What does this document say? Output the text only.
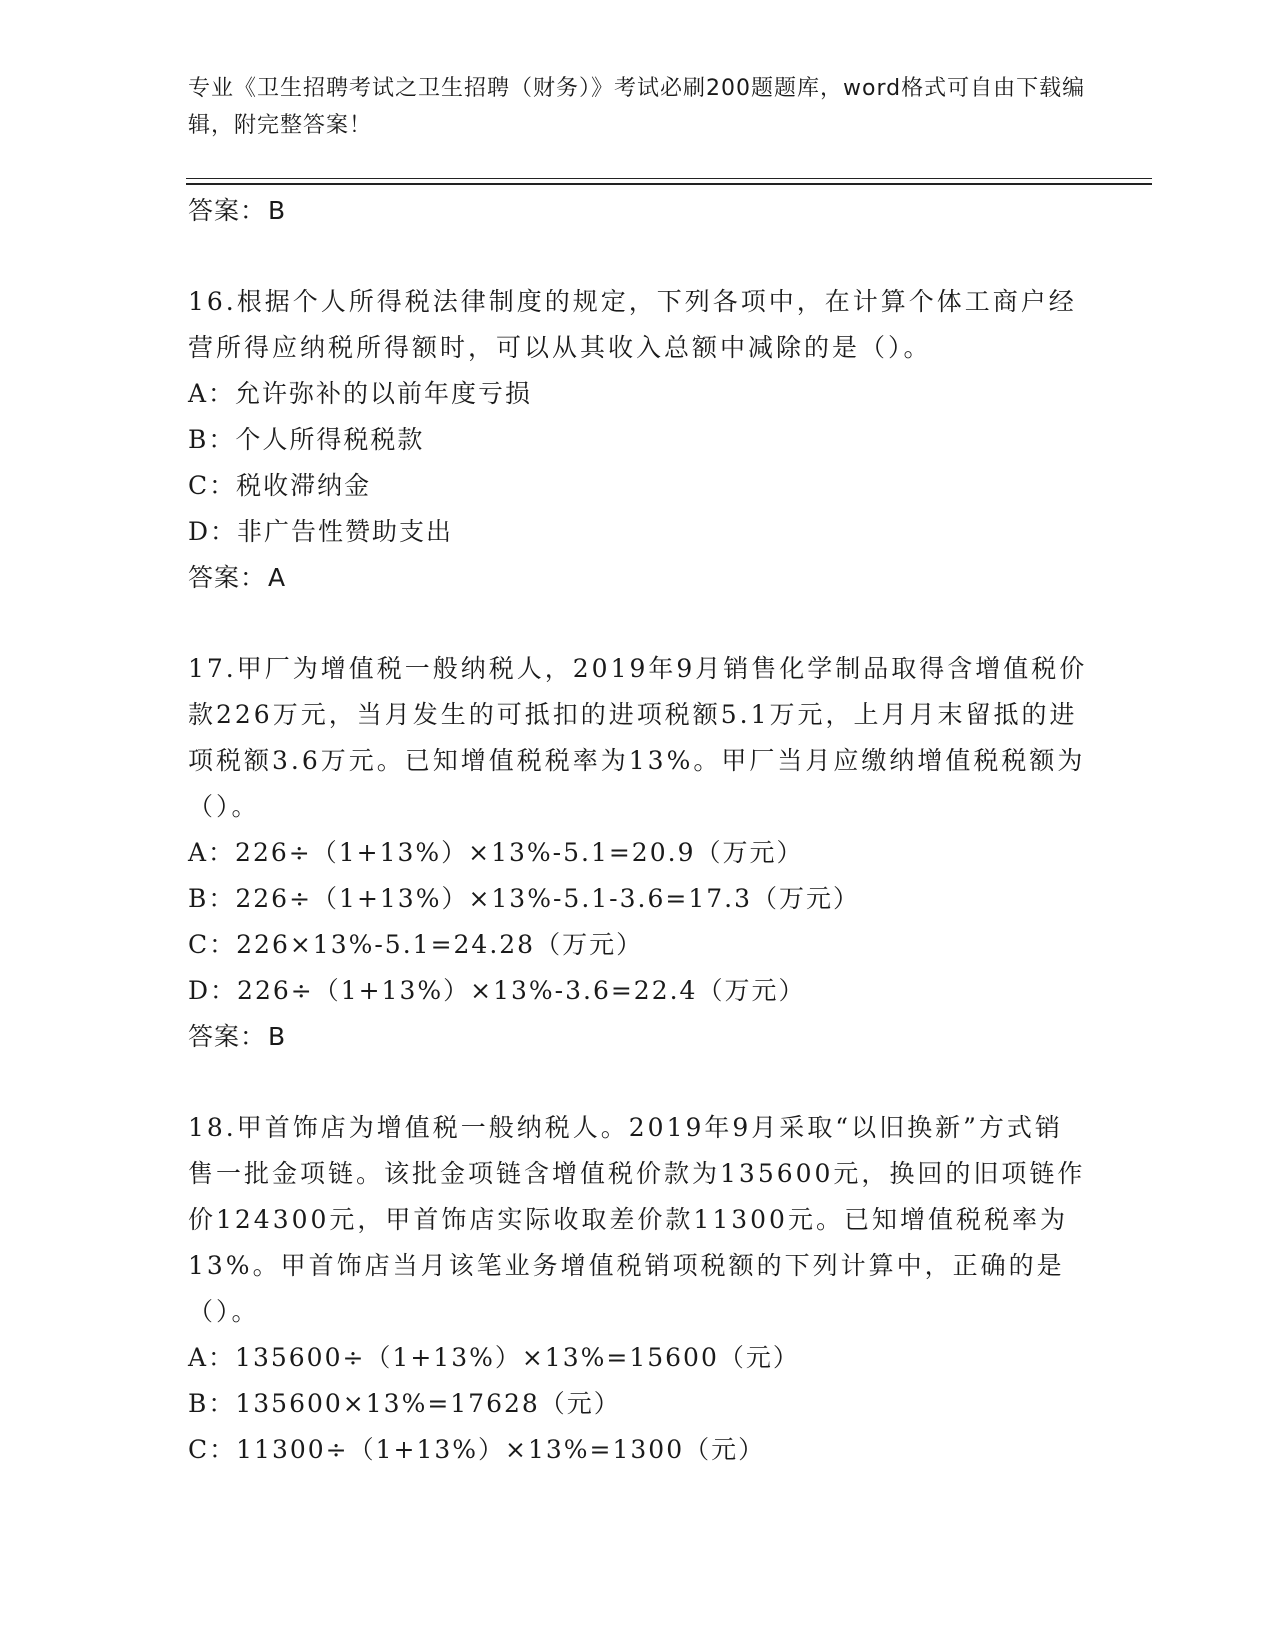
专业《卫生招聘考试之卫生招聘（财务）》考试必刷200题题库，word格式可自由下载编辑，附完整答案！
答案：B
16.根据个人所得税法律制度的规定，下列各项中，在计算个体工商户经营所得应纳税所得额时，可以从其收入总额中减除的是（）。
A：允许弥补的以前年度亏损
B：个人所得税税款
C：税收滞纳金
D：非广告性赞助支出
答案：A
17.甲厂为增值税一般纳税人，2019年9月销售化学制品取得含增值税价款226万元，当月发生的可抵扣的进项税额5.1万元，上月月末留抵的进项税额3.6万元。已知增值税税率为13%。甲厂当月应缴纳增值税税额为（）。
A：226÷（1+13%）×13%-5.1=20.9（万元）
B：226÷（1+13%）×13%-5.1-3.6=17.3（万元）
C：226×13%-5.1=24.28（万元）
D：226÷（1+13%）×13%-3.6=22.4（万元）
答案：B
18.甲首饰店为增值税一般纳税人。2019年9月采取“以旧换新”方式销售一批金项链。该批金项链含增值税价款为135600元，换回的旧项链作价124300元，甲首饰店实际收取差价款11300元。已知增值税税率为13%。甲首饰店当月该笔业务增值税销项税额的下列计算中，正确的是（）。
A：135600÷（1+13%）×13%=15600（元）
B：135600×13%=17628（元）
C：11300÷（1+13%）×13%=1300（元）
